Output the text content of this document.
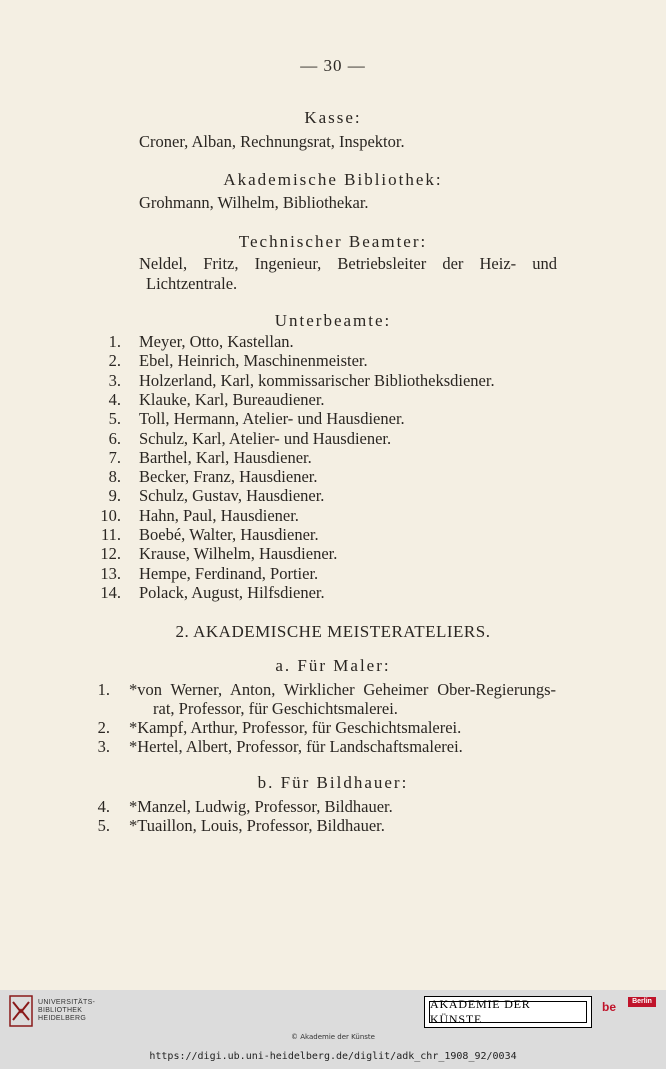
— 30 —
Kasse:
Croner, Alban, Rechnungsrat, Inspektor.
Akademische Bibliothek:
Grohmann, Wilhelm, Bibliothekar.
Technischer Beamter:
Neldel, Fritz, Ingenieur, Betriebsleiter der Heiz- und
Lichtzentrale.
Unterbeamte:
1. Meyer, Otto, Kastellan.
2. Ebel, Heinrich, Maschinenmeister.
3. Holzerland, Karl, kommissarischer Bibliotheksdiener.
4. Klauke, Karl, Bureaudiener.
5. Toll, Hermann, Atelier- und Hausdiener.
6. Schulz, Karl, Atelier- und Hausdiener.
7. Barthel, Karl, Hausdiener.
8. Becker, Franz, Hausdiener.
9. Schulz, Gustav, Hausdiener.
10. Hahn, Paul, Hausdiener.
11. Boebé, Walter, Hausdiener.
12. Krause, Wilhelm, Hausdiener.
13. Hempe, Ferdinand, Portier.
14. Polack, August, Hilfsdiener.
2. AKADEMISCHE MEISTERATELIERS.
a. Für Maler:
1. *von Werner, Anton, Wirklicher Geheimer Ober-Regierungs-
rat, Professor, für Geschichtsmalerei.
2. *Kampf, Arthur, Professor, für Geschichtsmalerei.
3. *Hertel, Albert, Professor, für Landschaftsmalerei.
b. Für Bildhauer:
4. *Manzel, Ludwig, Professor, Bildhauer.
5. *Tuaillon, Louis, Professor, Bildhauer.
UNIVERSITÄTS-
BIBLIOTHEK
HEIDELBERG
AKADEMIE DER KÜNSTE
be	Berlin
© Akademie der Künste
https://digi.ub.uni-heidelberg.de/diglit/adk_chr_1908_92/0034
